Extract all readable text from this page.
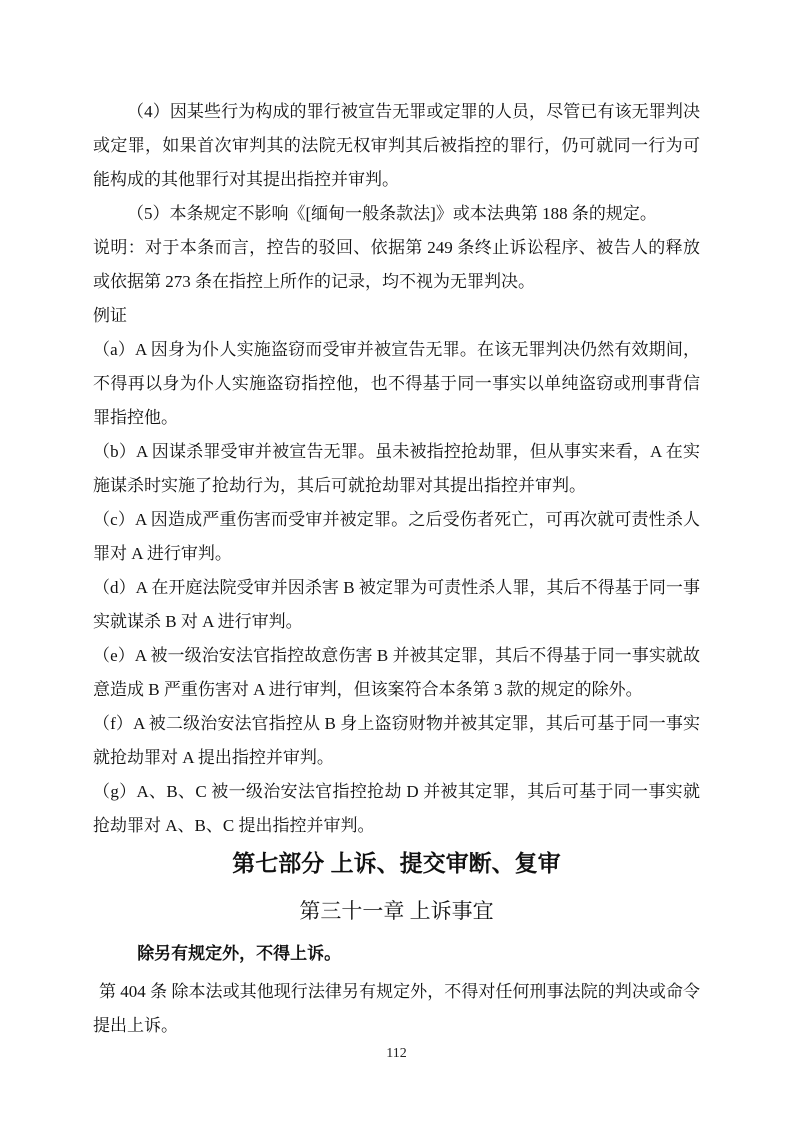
（4）因某些行为构成的罪行被宣告无罪或定罪的人员，尽管已有该无罪判决或定罪，如果首次审判其的法院无权审判其后被指控的罪行，仍可就同一行为可能构成的其他罪行对其提出指控并审判。

（5）本条规定不影响《[缅甸一般条款法]》或本法典第 188 条的规定。

说明：对于本条而言，控告的驳回、依据第 249 条终止诉讼程序、被告人的释放或依据第 273 条在指控上所作的记录，均不视为无罪判决。

例证

（a）A 因身为仆人实施盗窃而受审并被宣告无罪。在该无罪判决仍然有效期间，不得再以身为仆人实施盗窃指控他，也不得基于同一事实以单纯盗窃或刑事背信罪指控他。

（b）A 因谋杀罪受审并被宣告无罪。虽未被指控抢劫罪，但从事实来看，A 在实施谋杀时实施了抢劫行为，其后可就抢劫罪对其提出指控并审判。

（c）A 因造成严重伤害而受审并被定罪。之后受伤者死亡，可再次就可责性杀人罪对 A 进行审判。

（d）A 在开庭法院受审并因杀害 B 被定罪为可责性杀人罪，其后不得基于同一事实就谋杀 B 对 A 进行审判。

（e）A 被一级治安法官指控故意伤害 B 并被其定罪，其后不得基于同一事实就故意造成 B 严重伤害对 A 进行审判，但该案符合本条第 3 款的规定的除外。

（f）A 被二级治安法官指控从 B 身上盗窃财物并被其定罪，其后可基于同一事实就抢劫罪对 A 提出指控并审判。

（g）A、B、C 被一级治安法官指控抢劫 D 并被其定罪，其后可基于同一事实就抢劫罪对 A、B、C 提出指控并审判。

第七部分 上诉、提交审断、复审

第三十一章 上诉事宜

除另有规定外，不得上诉。

第 404 条 除本法或其他现行法律另有规定外，不得对任何刑事法院的判决或命令提出上诉。

112
